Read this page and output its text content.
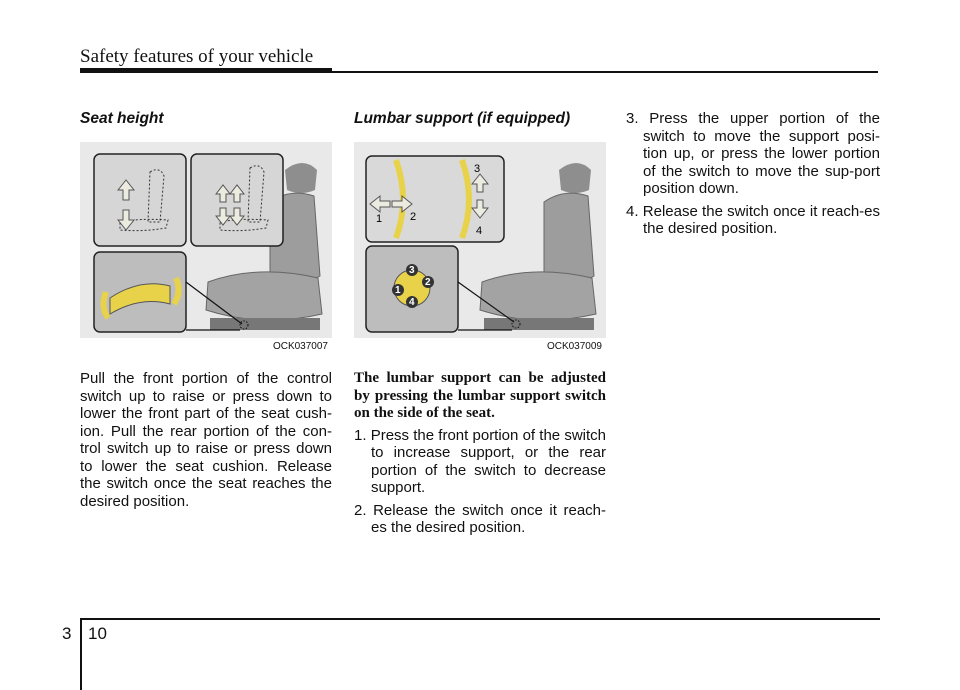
Safety features of your vehicle
Seat height
OCK037007

Pull the front portion of the control switch up to raise or press down to lower the front part of the seat cush-ion. Pull the rear portion of the con-trol switch up to raise or press down to lower the seat cushion. Release the switch once the seat reaches the desired position.

Lumbar support (if equipped)
1	2
3
4
3
2
1
4
OCK037009
The lumbar support can be adjusted by pressing the lumbar support switch on the side of the seat.
1. Press the front portion of the switch to increase support, or the rear portion of the switch to decrease support.
2. Release the switch once it reach-es the desired position.
3. Press the upper portion of the switch to move the support posi-tion up, or press the lower portion of the switch to move the sup-port position down.
4. Release the switch once it reach-es the desired position.
3 10
